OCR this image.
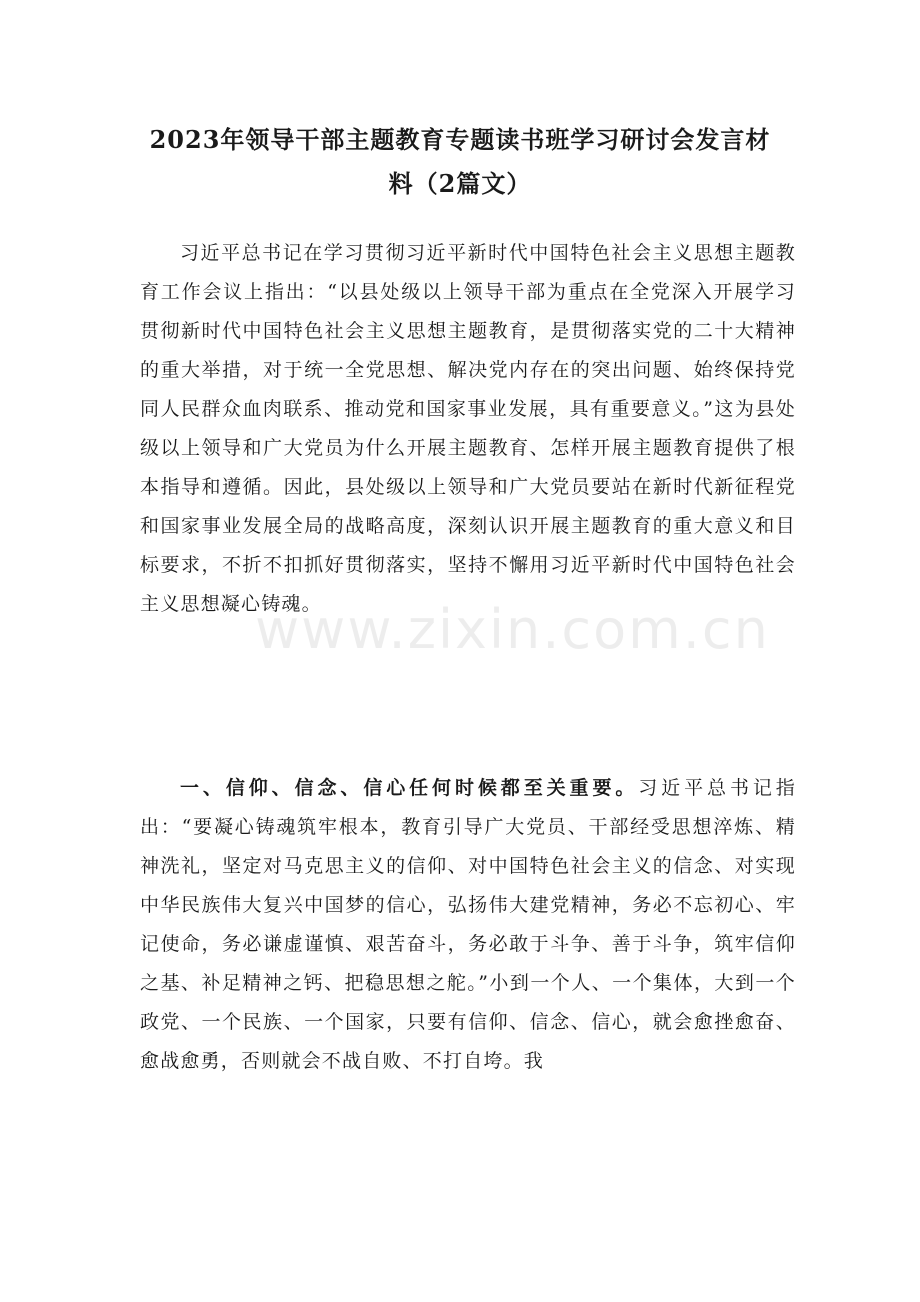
www.zixin.com.cn
2023年领导干部主题教育专题读书班学习研讨会发言材料（2篇文）

习近平总书记在学习贯彻习近平新时代中国特色社会主义思想主题教育工作会议上指出：“以县处级以上领导干部为重点在全党深入开展学习贯彻新时代中国特色社会主义思想主题教育，是贯彻落实党的二十大精神的重大举措，对于统一全党思想、解决党内存在的突出问题、始终保持党同人民群众血肉联系、推动党和国家事业发展，具有重要意义。”这为县处级以上领导和广大党员为什么开展主题教育、怎样开展主题教育提供了根本指导和遵循。因此，县处级以上领导和广大党员要站在新时代新征程党和国家事业发展全局的战略高度，深刻认识开展主题教育的重大意义和目标要求，不折不扣抓好贯彻落实，坚持不懈用习近平新时代中国特色社会主义思想凝心铸魂。

一、信仰、信念、信心任何时候都至关重要。习近平总书记指出：“要凝心铸魂筑牢根本，教育引导广大党员、干部经受思想淬炼、精神洗礼，坚定对马克思主义的信仰、对中国特色社会主义的信念、对实现中华民族伟大复兴中国梦的信心，弘扬伟大建党精神，务必不忘初心、牢记使命，务必谦虚谨慎、艰苦奋斗，务必敢于斗争、善于斗争，筑牢信仰之基、补足精神之钙、把稳思想之舵。”小到一个人、一个集体，大到一个政党、一个民族、一个国家，只要有信仰、信念、信心，就会愈挫愈奋、愈战愈勇，否则就会不战自败、不打自垮。我
